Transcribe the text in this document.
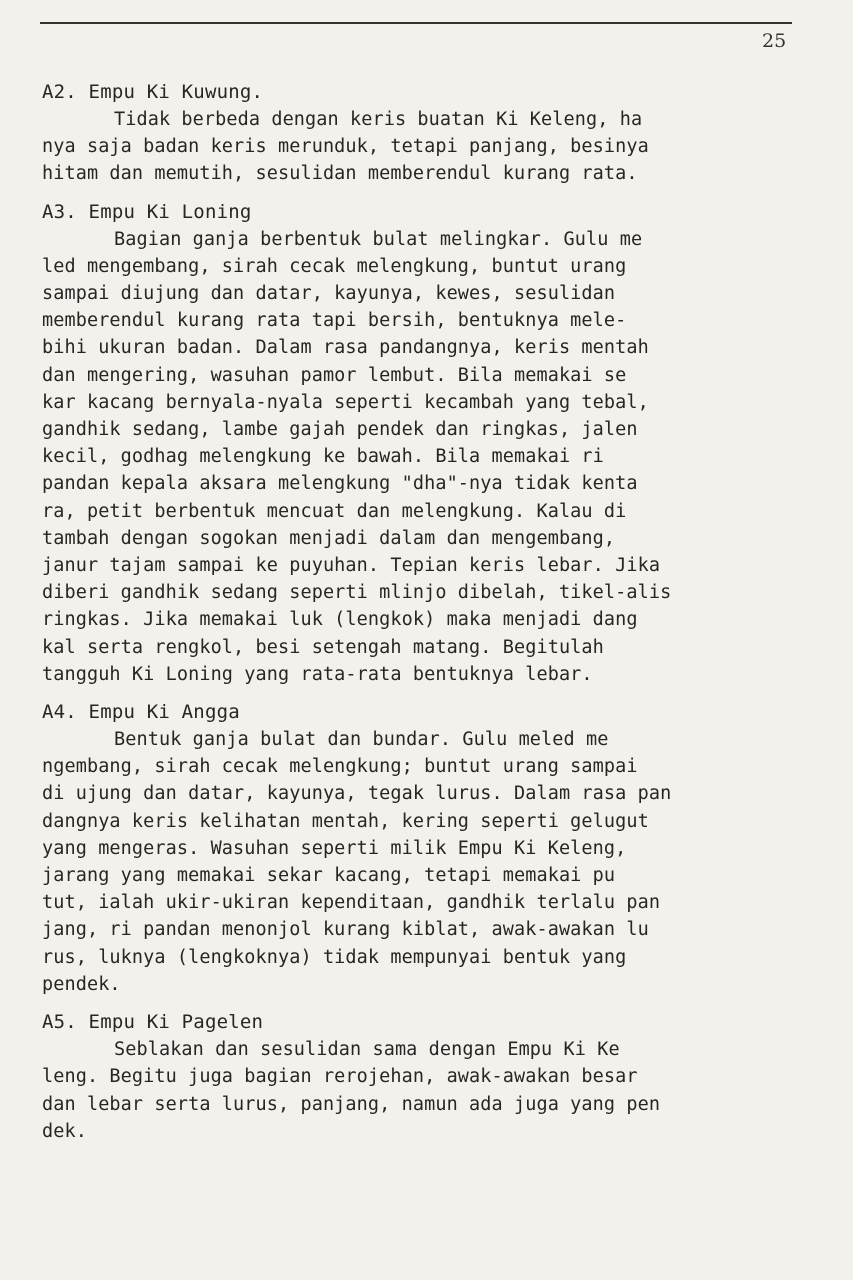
25
A2. Empu Ki Kuwung.
Tidak berbeda dengan keris buatan Ki Keleng, ha
nya saja badan keris merunduk, tetapi panjang, besinya
hitam dan memutih, sesulidan memberendul kurang rata.
A3. Empu Ki Loning
Bagian ganja berbentuk bulat melingkar. Gulu me
led mengembang, sirah cecak melengkung, buntut urang
sampai diujung dan datar, kayunya, kewes, sesulidan
memberendul kurang rata tapi bersih, bentuknya mele-
bihi ukuran badan. Dalam rasa pandangnya, keris mentah
dan mengering, wasuhan pamor lembut. Bila memakai se
kar kacang bernyala-nyala seperti kecambah yang tebal,
gandhik sedang, lambe gajah pendek dan ringkas, jalen
kecil, godhag melengkung ke bawah. Bila memakai ri
pandan kepala aksara melengkung "dha"-nya tidak kenta
ra, petit berbentuk mencuat dan melengkung. Kalau di
tambah dengan sogokan menjadi dalam dan mengembang,
janur tajam sampai ke puyuhan. Tepian keris lebar. Jika
diberi gandhik sedang seperti mlinjo dibelah, tikel-alis
ringkas. Jika memakai luk (lengkok) maka menjadi dang
kal serta rengkol, besi setengah matang. Begitulah
tangguh Ki Loning yang rata-rata bentuknya lebar.
A4. Empu Ki Angga
Bentuk ganja bulat dan bundar. Gulu meled me
ngembang, sirah cecak melengkung; buntut urang sampai
di ujung dan datar, kayunya, tegak lurus. Dalam rasa pan
dangnya keris kelihatan mentah, kering seperti gelugut
yang mengeras. Wasuhan seperti milik Empu Ki Keleng,
jarang yang memakai sekar kacang, tetapi memakai pu
tut, ialah ukir-ukiran kependitaan, gandhik terlalu pan
jang, ri pandan menonjol kurang kiblat, awak-awakan lu
rus, luknya (lengkoknya) tidak mempunyai bentuk yang
pendek.
A5. Empu Ki Pagelen
Seblakan dan sesulidan sama dengan Empu Ki Ke
leng. Begitu juga bagian rerojehan, awak-awakan besar
dan lebar serta lurus, panjang, namun ada juga yang pen
dek.
